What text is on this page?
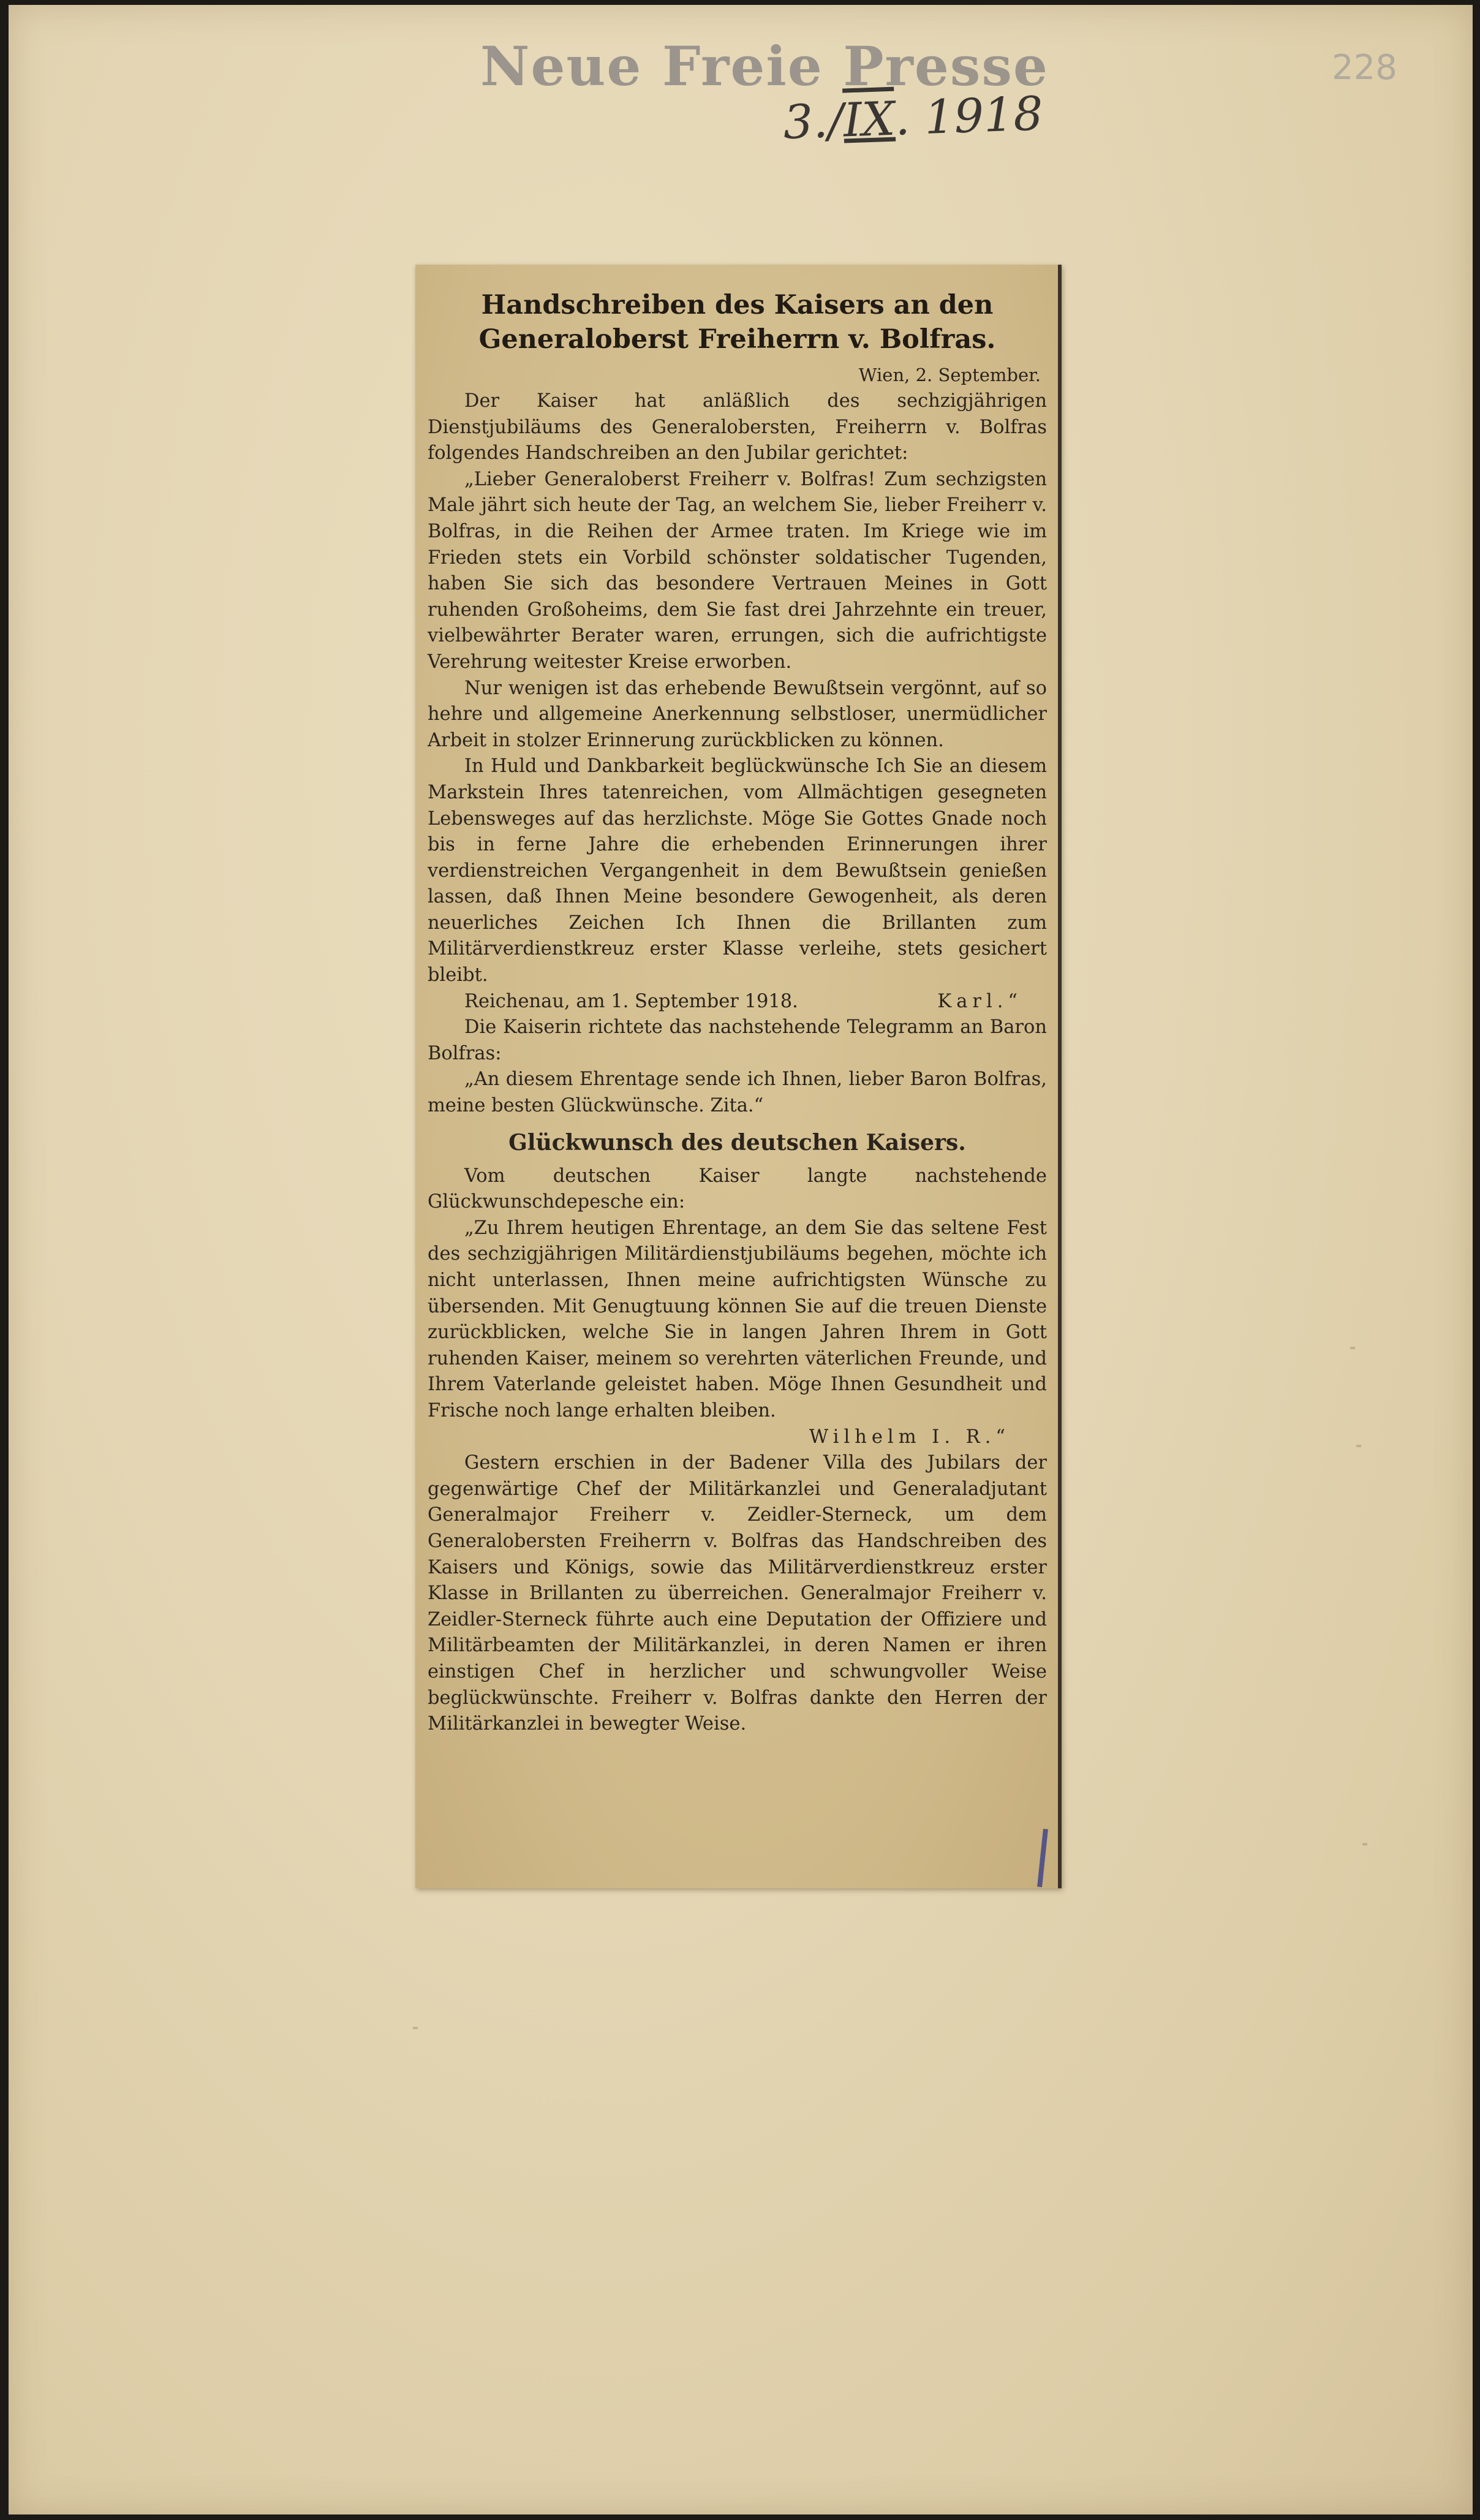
Neue Freie Presse
3./IX. 1918
228
Handschreiben des Kaisers an den Generaloberst Freiherrn v. Bolfras.
Wien, 2. September.

Der Kaiser hat anläßlich des sechzigjährigen Dienstjubiläums des Generalobersten, Freiherrn v. Bolfras folgendes Handschreiben an den Jubilar gerichtet:

„Lieber Generaloberst Freiherr v. Bolfras! Zum sechzigsten Male jährt sich heute der Tag, an welchem Sie, lieber Freiherr v. Bolfras, in die Reihen der Armee traten. Im Kriege wie im Frieden stets ein Vorbild schönster soldatischer Tugenden, haben Sie sich das besondere Vertrauen Meines in Gott ruhenden Großoheims, dem Sie fast drei Jahrzehnte ein treuer, vielbewährter Berater waren, errungen, sich die aufrichtigste Verehrung weitester Kreise erworben.

Nur wenigen ist das erhebende Bewußtsein vergönnt, auf so hehre und allgemeine Anerkennung selbstloser, unermüdlicher Arbeit in stolzer Erinnerung zurückblicken zu können.

In Huld und Dankbarkeit beglückwünsche Ich Sie an diesem Markstein Ihres tatenreichen, vom Allmächtigen gesegneten Lebensweges auf das herzlichste. Möge Sie Gottes Gnade noch bis in ferne Jahre die erhebenden Erinnerungen ihrer verdienstreichen Vergangenheit in dem Bewußtsein genießen lassen, daß Ihnen Meine besondere Gewogenheit, als deren neuerliches Zeichen Ich Ihnen die Brillanten zum Militärverdienstkreuz erster Klasse verleihe, stets gesichert bleibt.

Reichenau, am 1. September 1918.	Karl.“

Die Kaiserin richtete das nachstehende Telegramm an Baron Bolfras:

„An diesem Ehrentage sende ich Ihnen, lieber Baron Bolfras, meine besten Glückwünsche. Zita.“

Glückwunsch des deutschen Kaisers.

Vom deutschen Kaiser langte nachstehende Glückwunschdepesche ein:

„Zu Ihrem heutigen Ehrentage, an dem Sie das seltene Fest des sechzigjährigen Militärdienstjubiläums begehen, möchte ich nicht unterlassen, Ihnen meine aufrichtigsten Wünsche zu übersenden. Mit Genugtuung können Sie auf die treuen Dienste zurückblicken, welche Sie in langen Jahren Ihrem in Gott ruhenden Kaiser, meinem so verehrten väterlichen Freunde, und Ihrem Vaterlande geleistet haben. Möge Ihnen Gesundheit und Frische noch lange erhalten bleiben.

Wilhelm I. R.“

Gestern erschien in der Badener Villa des Jubilars der gegenwärtige Chef der Militärkanzlei und Generaladjutant Generalmajor Freiherr v. Zeidler-Sterneck, um dem Generalobersten Freiherrn v. Bolfras das Handschreiben des Kaisers und Königs, sowie das Militärverdienstkreuz erster Klasse in Brillanten zu überreichen. Generalmajor Freiherr v. Zeidler-Sterneck führte auch eine Deputation der Offiziere und Militärbeamten der Militärkanzlei, in deren Namen er ihren einstigen Chef in herzlicher und schwungvoller Weise beglückwünschte. Freiherr v. Bolfras dankte den Herren der Militärkanzlei in bewegter Weise.
